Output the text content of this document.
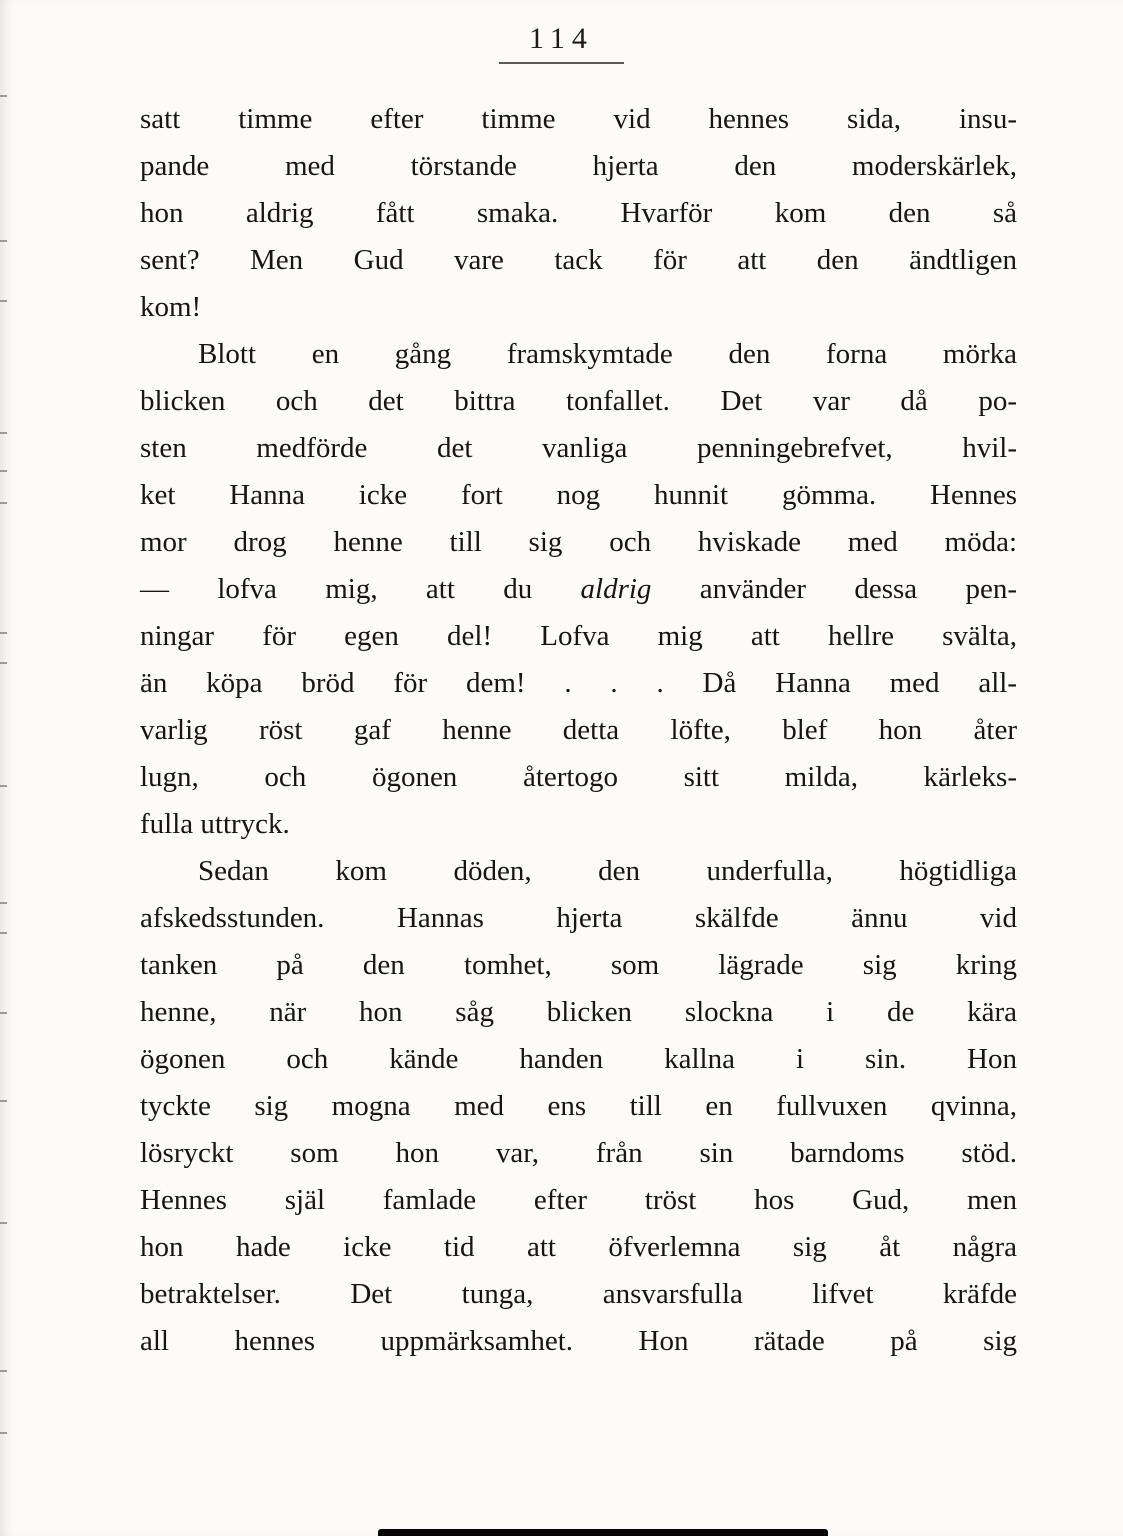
114
satt timme efter timme vid hennes sida, insu-
pande med törstande hjerta den moderskärlek,
hon aldrig fått smaka. Hvarför kom den så
sent? Men Gud vare tack för att den ändtligen
kom!
Blott en gång framskymtade den forna mörka
blicken och det bittra tonfallet. Det var då po-
sten medförde det vanliga penningebrefvet, hvil-
ket Hanna icke fort nog hunnit gömma. Hennes
mor drog henne till sig och hviskade med möda:
— lofva mig, att du aldrig använder dessa pen-
ningar för egen del! Lofva mig att hellre svälta,
än köpa bröd för dem! . . . Då Hanna med all-
varlig röst gaf henne detta löfte, blef hon åter
lugn, och ögonen återtogo sitt milda, kärleks-
fulla uttryck.
Sedan kom döden, den underfulla, högtidliga
afskedsstunden. Hannas hjerta skälfde ännu vid
tanken på den tomhet, som lägrade sig kring
henne, när hon såg blicken slockna i de kära
ögonen och kände handen kallna i sin. Hon
tyckte sig mogna med ens till en fullvuxen qvinna,
lösryckt som hon var, från sin barndoms stöd.
Hennes själ famlade efter tröst hos Gud, men
hon hade icke tid att öfverlemna sig åt några
betraktelser. Det tunga, ansvarsfulla lifvet kräfde
all hennes uppmärksamhet. Hon rätade på sig
